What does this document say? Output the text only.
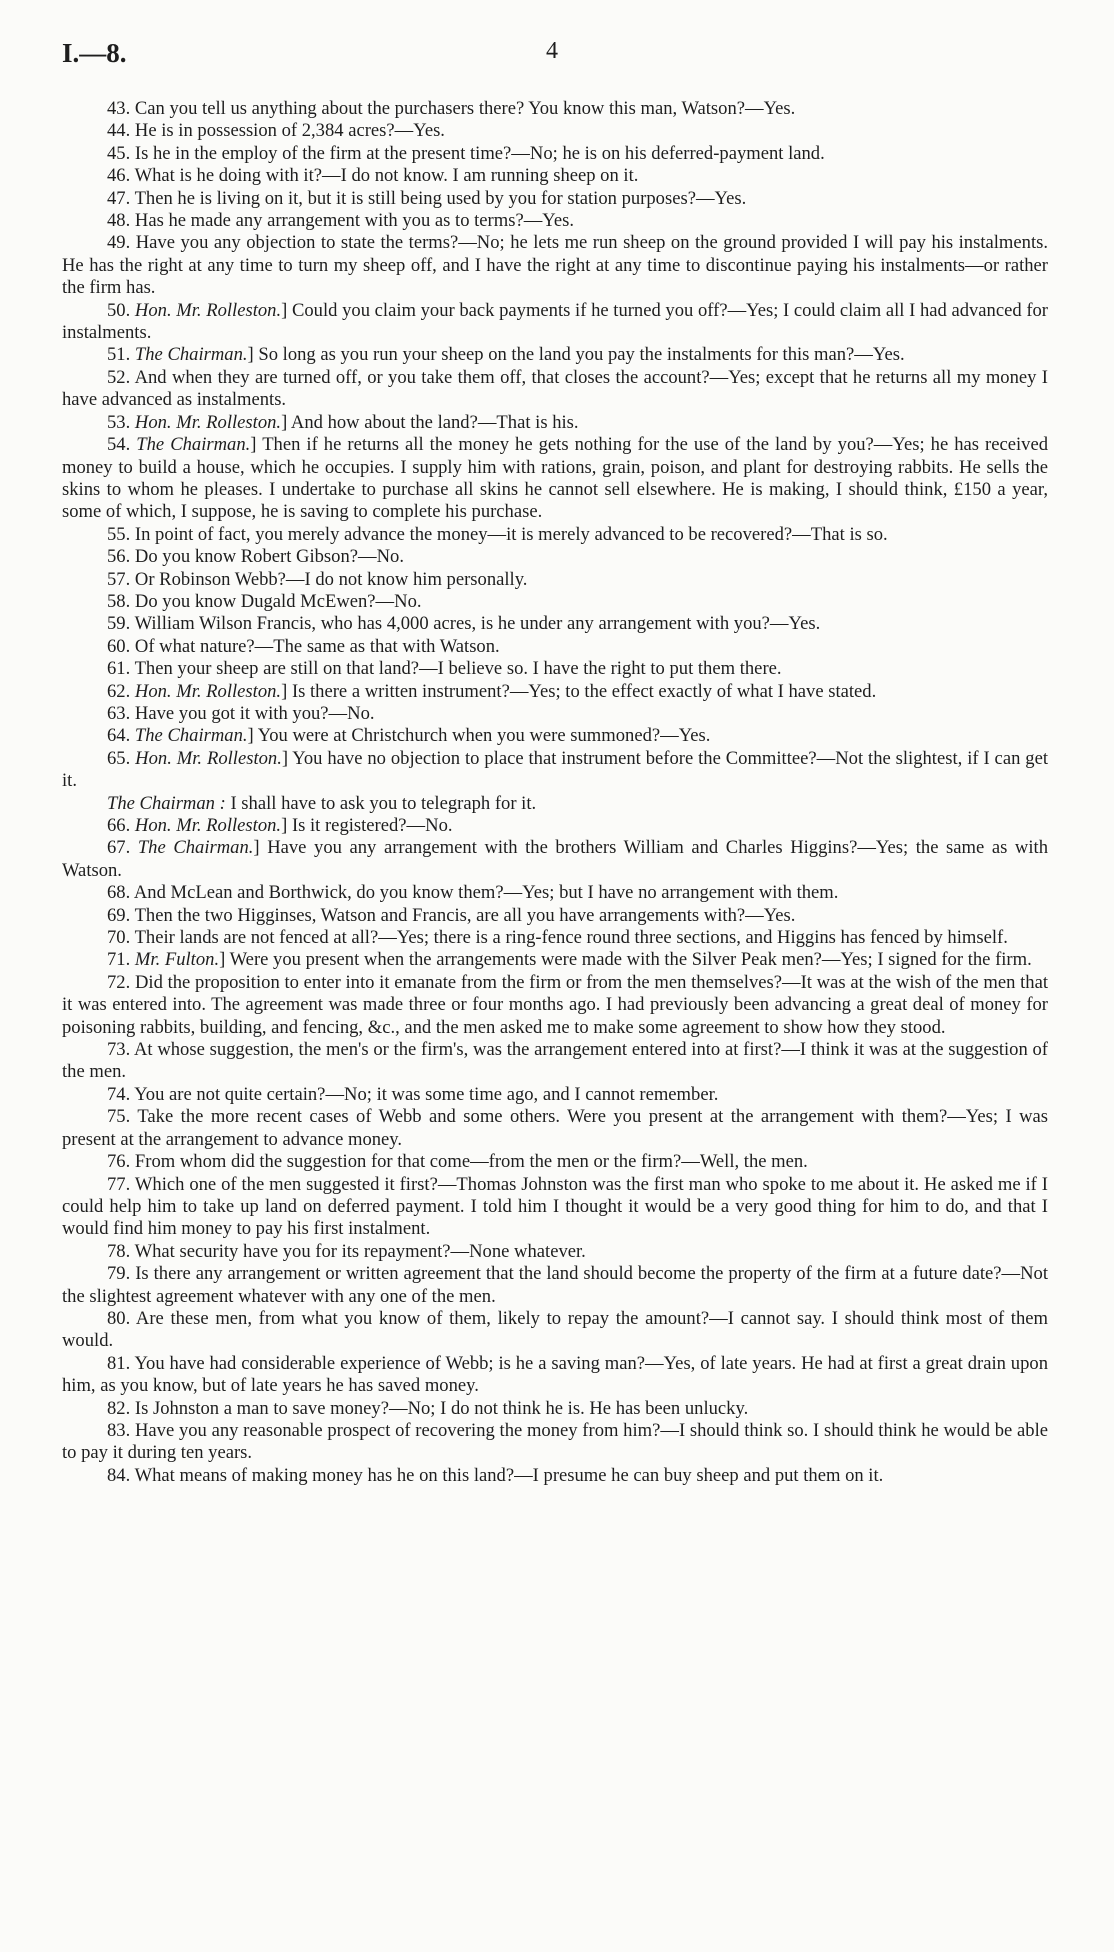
I.—8.	4

43. Can you tell us anything about the purchasers there? You know this man, Watson?—Yes.

44. He is in possession of 2,384 acres?—Yes.

45. Is he in the employ of the firm at the present time?—No; he is on his deferred-payment land.

46. What is he doing with it?—I do not know. I am running sheep on it.

47. Then he is living on it, but it is still being used by you for station purposes?—Yes.

48. Has he made any arrangement with you as to terms?—Yes.

49. Have you any objection to state the terms?—No; he lets me run sheep on the ground provided I will pay his instalments. He has the right at any time to turn my sheep off, and I have the right at any time to discontinue paying his instalments—or rather the firm has.

50. Hon. Mr. Rolleston.] Could you claim your back payments if he turned you off?—Yes; I could claim all I had advanced for instalments.

51. The Chairman.] So long as you run your sheep on the land you pay the instalments for this man?—Yes.

52. And when they are turned off, or you take them off, that closes the account?—Yes; except that he returns all my money I have advanced as instalments.

53. Hon. Mr. Rolleston.] And how about the land?—That is his.

54. The Chairman.] Then if he returns all the money he gets nothing for the use of the land by you?—Yes; he has received money to build a house, which he occupies. I supply him with rations, grain, poison, and plant for destroying rabbits. He sells the skins to whom he pleases. I undertake to purchase all skins he cannot sell elsewhere. He is making, I should think, £150 a year, some of which, I suppose, he is saving to complete his purchase.

55. In point of fact, you merely advance the money—it is merely advanced to be recovered?—That is so.

56. Do you know Robert Gibson?—No.

57. Or Robinson Webb?—I do not know him personally.

58. Do you know Dugald McEwen?—No.

59. William Wilson Francis, who has 4,000 acres, is he under any arrangement with you?—Yes.

60. Of what nature?—The same as that with Watson.

61. Then your sheep are still on that land?—I believe so. I have the right to put them there.

62. Hon. Mr. Rolleston.] Is there a written instrument?—Yes; to the effect exactly of what I have stated.

63. Have you got it with you?—No.

64. The Chairman.] You were at Christchurch when you were summoned?—Yes.

65. Hon. Mr. Rolleston.] You have no objection to place that instrument before the Committee?—Not the slightest, if I can get it.

The Chairman : I shall have to ask you to telegraph for it.

66. Hon. Mr. Rolleston.] Is it registered?—No.

67. The Chairman.] Have you any arrangement with the brothers William and Charles Higgins?—Yes; the same as with Watson.

68. And McLean and Borthwick, do you know them?—Yes; but I have no arrangement with them.

69. Then the two Higginses, Watson and Francis, are all you have arrangements with?—Yes.

70. Their lands are not fenced at all?—Yes; there is a ring-fence round three sections, and Higgins has fenced by himself.

71. Mr. Fulton.] Were you present when the arrangements were made with the Silver Peak men?—Yes; I signed for the firm.

72. Did the proposition to enter into it emanate from the firm or from the men themselves?—It was at the wish of the men that it was entered into. The agreement was made three or four months ago. I had previously been advancing a great deal of money for poisoning rabbits, building, and fencing, &c., and the men asked me to make some agreement to show how they stood.

73. At whose suggestion, the men's or the firm's, was the arrangement entered into at first?—I think it was at the suggestion of the men.

74. You are not quite certain?—No; it was some time ago, and I cannot remember.

75. Take the more recent cases of Webb and some others. Were you present at the arrangement with them?—Yes; I was present at the arrangement to advance money.

76. From whom did the suggestion for that come—from the men or the firm?—Well, the men.

77. Which one of the men suggested it first?—Thomas Johnston was the first man who spoke to me about it. He asked me if I could help him to take up land on deferred payment. I told him I thought it would be a very good thing for him to do, and that I would find him money to pay his first instalment.

78. What security have you for its repayment?—None whatever.

79. Is there any arrangement or written agreement that the land should become the property of the firm at a future date?—Not the slightest agreement whatever with any one of the men.

80. Are these men, from what you know of them, likely to repay the amount?—I cannot say. I should think most of them would.

81. You have had considerable experience of Webb; is he a saving man?—Yes, of late years. He had at first a great drain upon him, as you know, but of late years he has saved money.

82. Is Johnston a man to save money?—No; I do not think he is. He has been unlucky.

83. Have you any reasonable prospect of recovering the money from him?—I should think so. I should think he would be able to pay it during ten years.

84. What means of making money has he on this land?—I presume he can buy sheep and put them on it.
